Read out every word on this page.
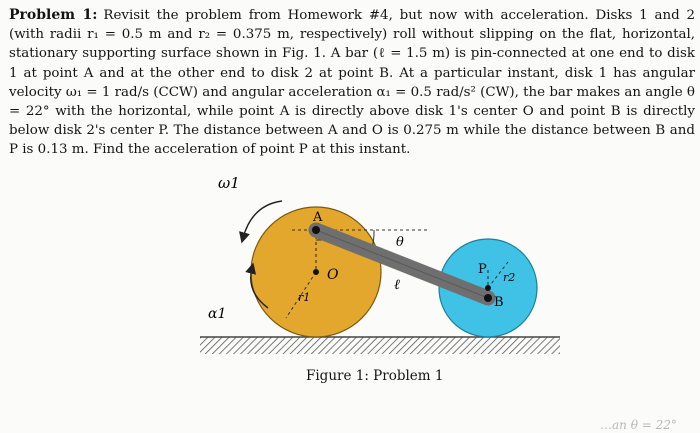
Problem 1: Revisit the problem from Homework #4, but now with acceleration. Disks 1 and 2 (with radii r₁ = 0.5 m and r₂ = 0.375 m, respectively) roll without slipping on the flat, horizontal, stationary supporting surface shown in Fig. 1. A bar (ℓ = 1.5 m) is pin-connected at one end to disk 1 at point A and at the other end to disk 2 at point B. At a particular instant, disk 1 has angular velocity ω₁ = 1 rad/s (CCW) and angular acceleration α₁ = 0.5 rad/s² (CW), the bar makes an angle θ = 22° with the horizontal, while point A is directly above disk 1's center O and point B is directly below disk 2's center P. The distance between A and O is 0.275 m while the distance between B and P is 0.13 m. Find the acceleration of point P at this instant.

ω1
α1
A
O
θ
ℓ
P
B
r1
r2
Figure 1: Problem 1
…an θ = 22°
